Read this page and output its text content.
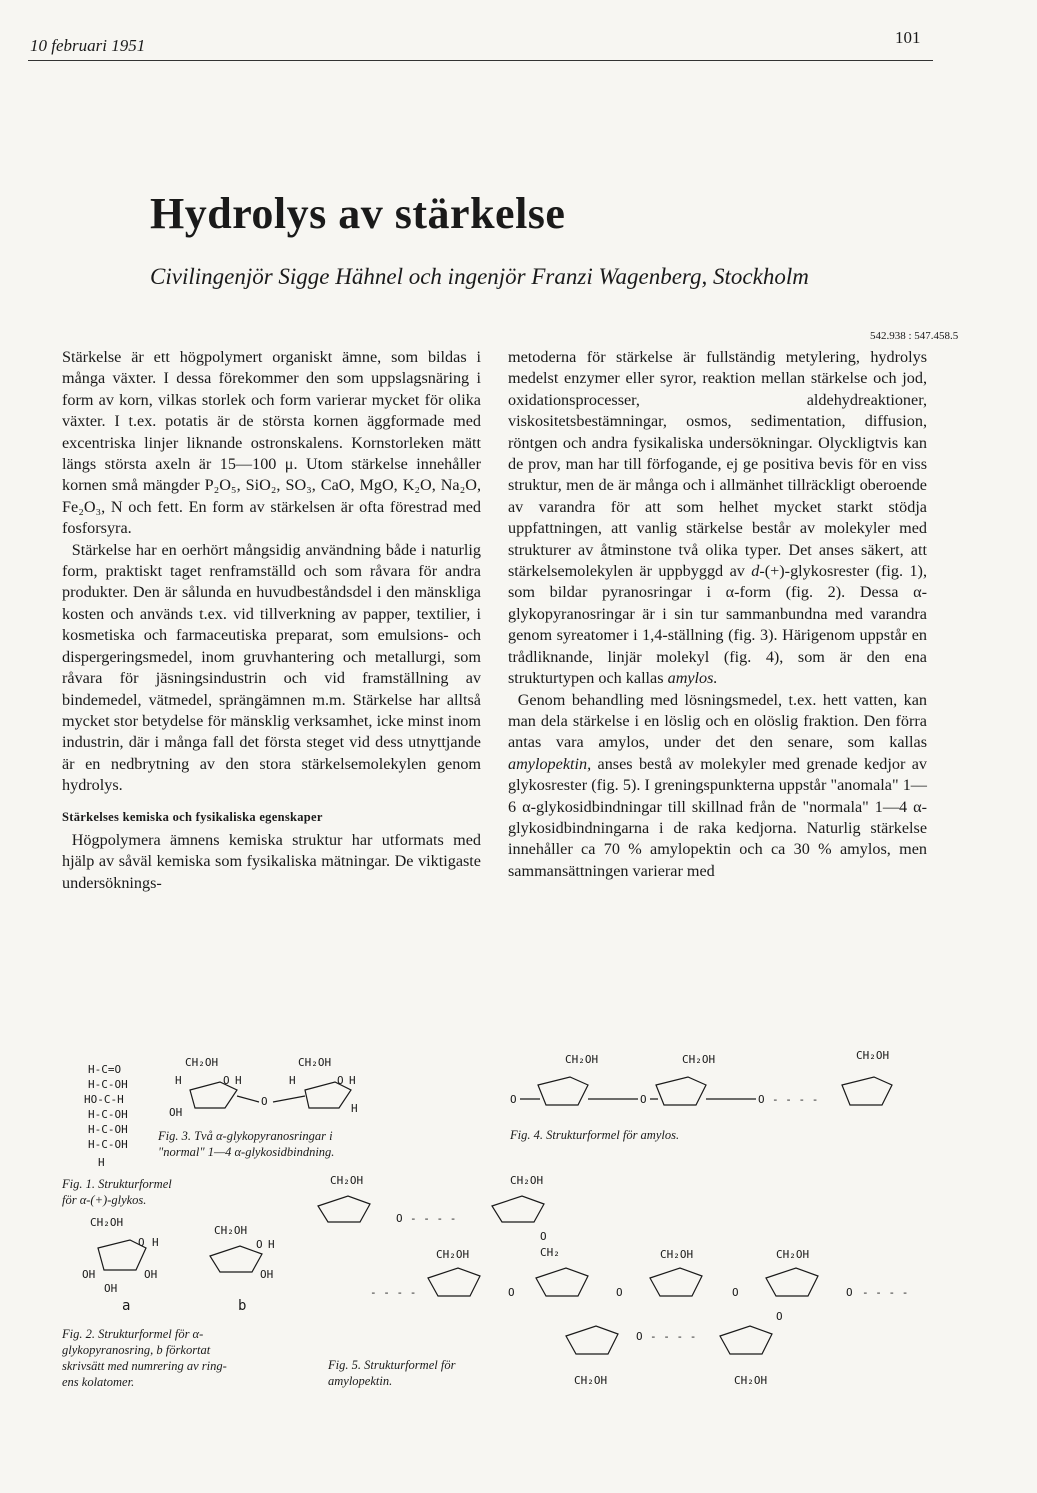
10 februari 1951	101
Hydrolys av stärkelse
Civilingenjör Sigge Hähnel och ingenjör Franzi Wagenberg, Stockholm
542.938 : 547.458.5

Stärkelse är ett högpolymert organiskt ämne, som bildas i många växter. I dessa förekommer den som uppslagsnäring i form av korn, vilkas storlek och form varierar mycket för olika växter. I t.ex. potatis är de största kornen äggformade med excentriska linjer liknande ostronskalens. Kornstorleken mätt längs största axeln är 15—100 μ. Utom stärkelse innehåller kornen små mängder P₂O₅, SiO₂, SO₃, CaO, MgO, K₂O, Na₂O, Fe₂O₃, N och fett. En form av stärkelsen är ofta förestrad med fosforsyra.

Stärkelse har en oerhört mångsidig användning både i naturlig form, praktiskt taget renframställd och som råvara för andra produkter. Den är sålunda en huvudbeståndsdel i den mänskliga kosten och används t.ex. vid tillverkning av papper, textilier, i kosmetiska och farmaceutiska preparat, som emulsions- och dispergeringsmedel, inom gruvhantering och metallurgi, som råvara för jäsningsindustrin och vid framställning av bindemedel, vätmedel, sprängämnen m.m. Stärkelse har alltså mycket stor betydelse för mänsklig verksamhet, icke minst inom industrin, där i många fall det första steget vid dess utnyttjande är en nedbrytning av den stora stärkelsemolekylen genom hydrolys.

Stärkelses kemiska och fysikaliska egenskaper

Högpolymera ämnens kemiska struktur har utformats med hjälp av såväl kemiska som fysikaliska mätningar. De viktigaste undersöknings-

metoderna för stärkelse är fullständig metylering, hydrolys medelst enzymer eller syror, reaktion mellan stärkelse och jod, oxidationsprocesser, aldehydreaktioner, viskositetsbestämningar, osmos, sedimentation, diffusion, röntgen och andra fysikaliska undersökningar. Olyckligtvis kan de prov, man har till förfogande, ej ge positiva bevis för en viss struktur, men de är många och i allmänhet tillräckligt oberoende av varandra för att som helhet mycket starkt stödja uppfattningen, att vanlig stärkelse består av molekyler med strukturer av åtminstone två olika typer. Det anses säkert, att stärkelsemolekylen är uppbyggd av d-(+)-glykosrester (fig. 1), som bildar pyranosringar i α-form (fig. 2). Dessa α-glykopyranosringar är i sin tur sammanbundna med varandra genom syreatomer i 1,4-ställning (fig. 3). Härigenom uppstår en trådliknande, linjär molekyl (fig. 4), som är den ena strukturtypen och kallas amylos.

Genom behandling med lösningsmedel, t.ex. hett vatten, kan man dela stärkelse i en löslig och en olöslig fraktion. Den förra antas vara amylos, under det den senare, som kallas amylopektin, anses bestå av molekyler med grenade kedjor av glykosrester (fig. 5). I greningspunkterna uppstår "anomala" 1—6 α-glykosidbindningar till skillnad från de "normala" 1—4 α-glykosidbindningarna i de raka kedjorna. Naturlig stärkelse innehåller ca 70 % amylopektin och ca 30 % amylos, men sammansättningen varierar med

H-C=O
H-C-OH
HO-C-H
H-C-OH
H-C-OH
H-C-OH
H
Fig. 1. Strukturformel
för α-(+)-glykos.
CH₂OH	CH₂OH
H	O H	H	O H
O
OH	H
Fig. 3. Två α-glykopyranosringar i
"normal" 1—4 α-glykosidbindning.
CH₂OH
O H
OH	OH
OH
CH₂OH
O H
OH
a	b
Fig. 2. Strukturformel för α-
glykopyranosring, b förkortat
skrivsätt med numrering av ring-
ens kolatomer.
CH₂OH	CH₂OH	CH₂OH
O	O	O - - - -
Fig. 4. Strukturformel för amylos.
CH₂OH	CH₂OH
O - - - -
O
CH₂
CH₂OH	CH₂OH	CH₂OH
- - - -	O	O	O	O - - - -
O
O - - - -
CH₂OH	CH₂OH
Fig. 5. Strukturformel för
amylopektin.
